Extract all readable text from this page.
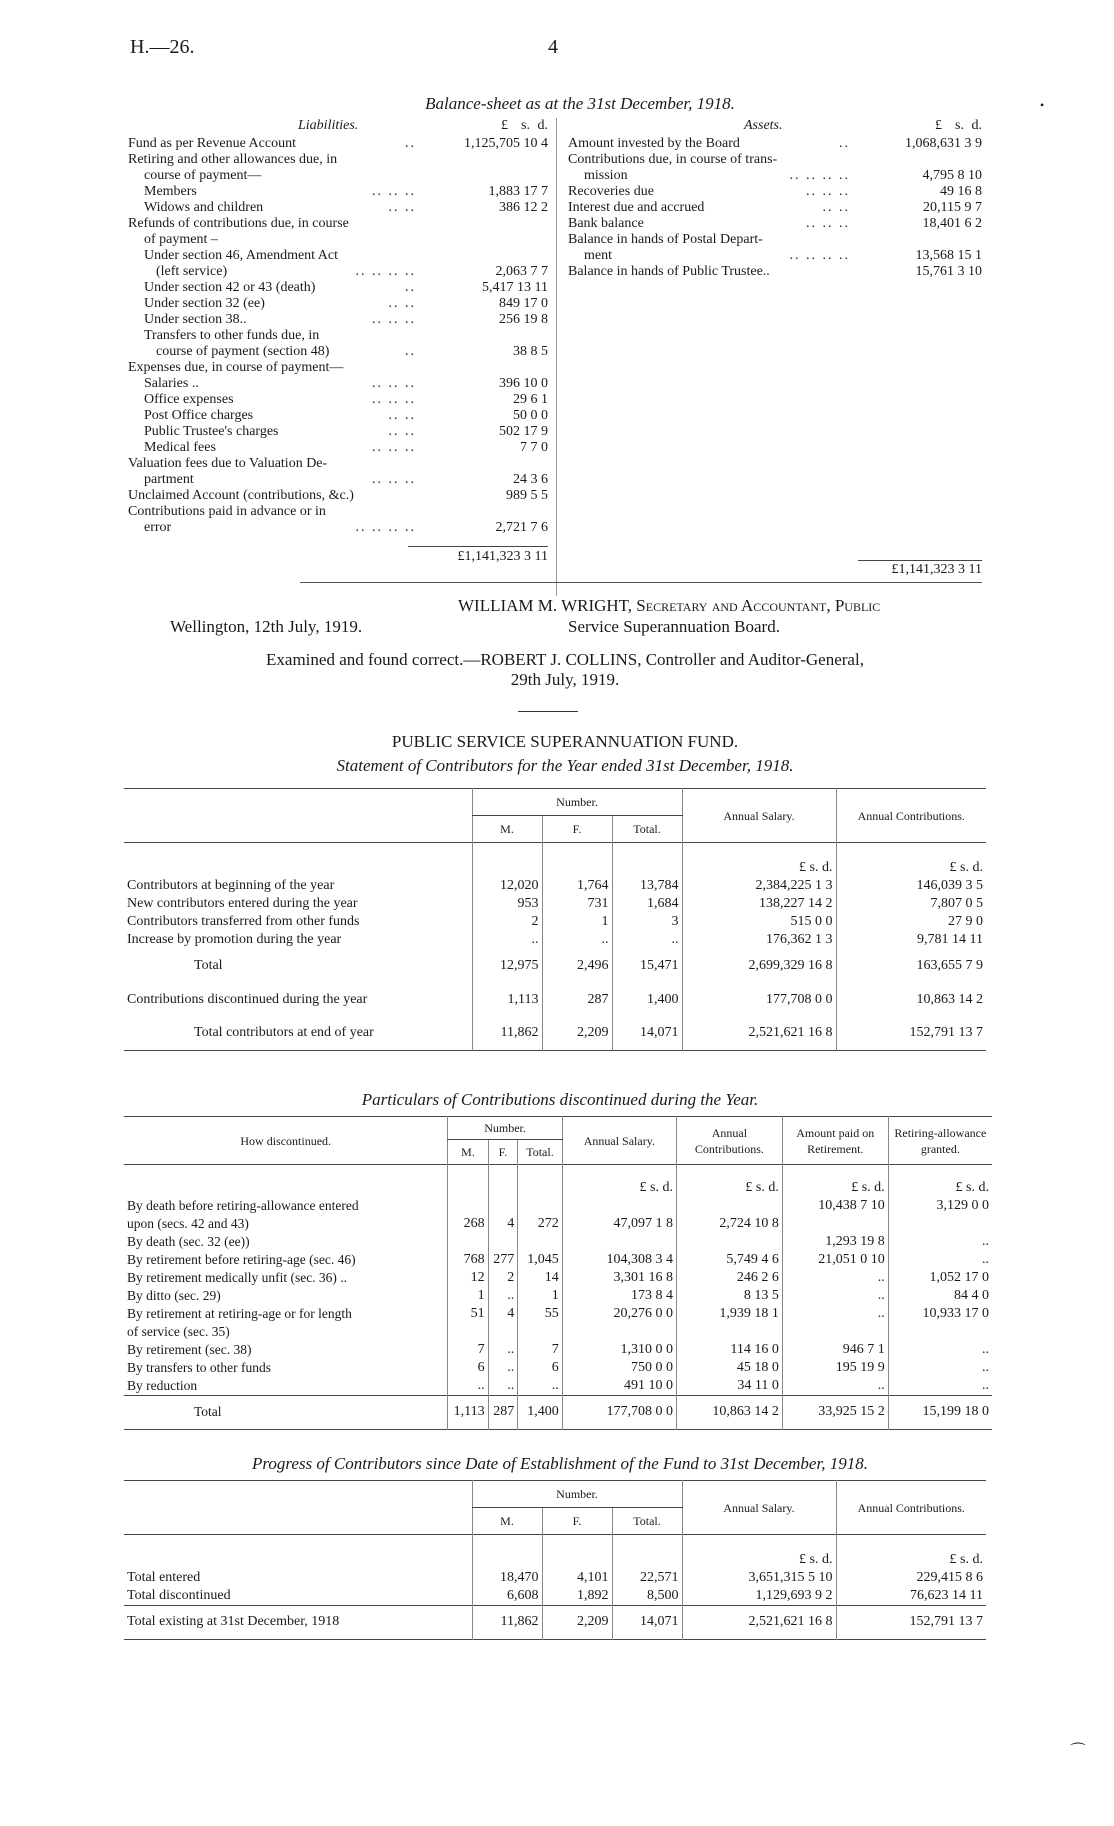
H.—26.	4
•
Balance-sheet as at the 31st December, 1918.
Liabilities.	£ s. d.
Fund as per Revenue Account	..	1,125,705 10 4
Retiring and other allowances due, in
course of payment—
Members	.. .. ..	1,883 17 7
Widows and children	.. ..	386 12 2
Refunds of contributions due, in course
of payment –
Under section 46, Amendment Act
(left service)	.. .. .. ..	2,063 7 7
Under section 42 or 43 (death)	..	5,417 13 11
Under section 32 (ee)	.. ..	849 17 0
Under section 38..	.. .. ..	256 19 8
Transfers to other funds due, in
course of payment (section 48)	..	38 8 5
Expenses due, in course of payment—
Salaries ..	.. .. ..	396 10 0
Office expenses	.. .. ..	29 6 1
Post Office charges	.. ..	50 0 0
Public Trustee's charges	.. ..	502 17 9
Medical fees	.. .. ..	7 7 0
Valuation fees due to Valuation De-
partment	.. .. ..	24 3 6
Unclaimed Account (contributions, &c.)	989 5 5
Contributions paid in advance or in
error	.. .. .. ..	2,721 7 6
£1,141,323 3 11
Assets.	£ s. d.
Amount invested by the Board	..	1,068,631 3 9
Contributions due, in course of trans-
mission	.. .. .. ..	4,795 8 10
Recoveries due	.. .. ..	49 16 8
Interest due and accrued	.. ..	20,115 9 7
Bank balance	.. .. ..	18,401 6 2
Balance in hands of Postal Depart-
ment	.. .. .. ..	13,568 15 1
Balance in hands of Public Trustee..	15,761 3 10
£1,141,323 3 11
WILLIAM M. WRIGHT, Secretary and Accountant, Public
Wellington, 12th July, 1919.	Service Superannuation Board.
Examined and found correct.—ROBERT J. COLLINS, Controller and Auditor-General,
29th July, 1919.
PUBLIC SERVICE SUPERANNUATION FUND.
Statement of Contributors for the Year ended 31st December, 1918.
	Number.			Annual Salary.	Annual Contributions.
	M.	F.	Total.		
				£ s. d.	£ s. d.
Contributors at beginning of the year	12,020	1,764	13,784	2,384,225 1 3	146,039 3 5
New contributors entered during the year	953	731	1,684	138,227 14 2	7,807 0 5
Contributors transferred from other funds	2	1	3	515 0 0	27 9 0
Increase by promotion during the year	..	..	..	176,362 1 3	9,781 14 11
Total	12,975	2,496	15,471	2,699,329 16 8	163,655 7 9
Contributions discontinued during the year	1,113	287	1,400	177,708 0 0	10,863 14 2
Total contributors at end of year	11,862	2,209	14,071	2,521,621 16 8	152,791 13 7
Particulars of Contributions discontinued during the Year.
How discontinued.	Number.			Annual Salary.	Annual Contributions.	Amount paid on Retirement.	Retiring-allowance granted.
	M.	F.	Total.				
				£ s. d.	£ s. d.	£ s. d.	£ s. d.
By death before retiring-allowance entered						10,438 7 10	3,129 0 0
upon (secs. 42 and 43)	268	4	272	47,097 1 8	2,724 10 8		
By death (sec. 32 (ee))						1,293 19 8	..
By retirement before retiring-age (sec. 46)	768	277	1,045	104,308 3 4	5,749 4 6	21,051 0 10	..
By retirement medically unfit (sec. 36) ..	12	2	14	3,301 16 8	246 2 6	..	1,052 17 0
By ditto (sec. 29)	1	..	1	173 8 4	8 13 5	..	84 4 0
By retirement at retiring-age or for length	51	4	55	20,276 0 0	1,939 18 1	..	10,933 17 0
of service (sec. 35)							
By retirement (sec. 38)	7	..	7	1,310 0 0	114 16 0	946 7 1	..
By transfers to other funds	6	..	6	750 0 0	45 18 0	195 19 9	..
By reduction	..	..	..	491 10 0	34 11 0	..	..
Total	1,113	287	1,400	177,708 0 0	10,863 14 2	33,925 15 2	15,199 18 0
Progress of Contributors since Date of Establishment of the Fund to 31st December, 1918.
	Number.			Annual Salary.	Annual Contributions.
	M.	F.	Total.		
				£ s. d.	£ s. d.
Total entered	18,470	4,101	22,571	3,651,315 5 10	229,415 8 6
Total discontinued	6,608	1,892	8,500	1,129,693 9 2	76,623 14 11
Total existing at 31st December, 1918	11,862	2,209	14,071	2,521,621 16 8	152,791 13 7
⌒
